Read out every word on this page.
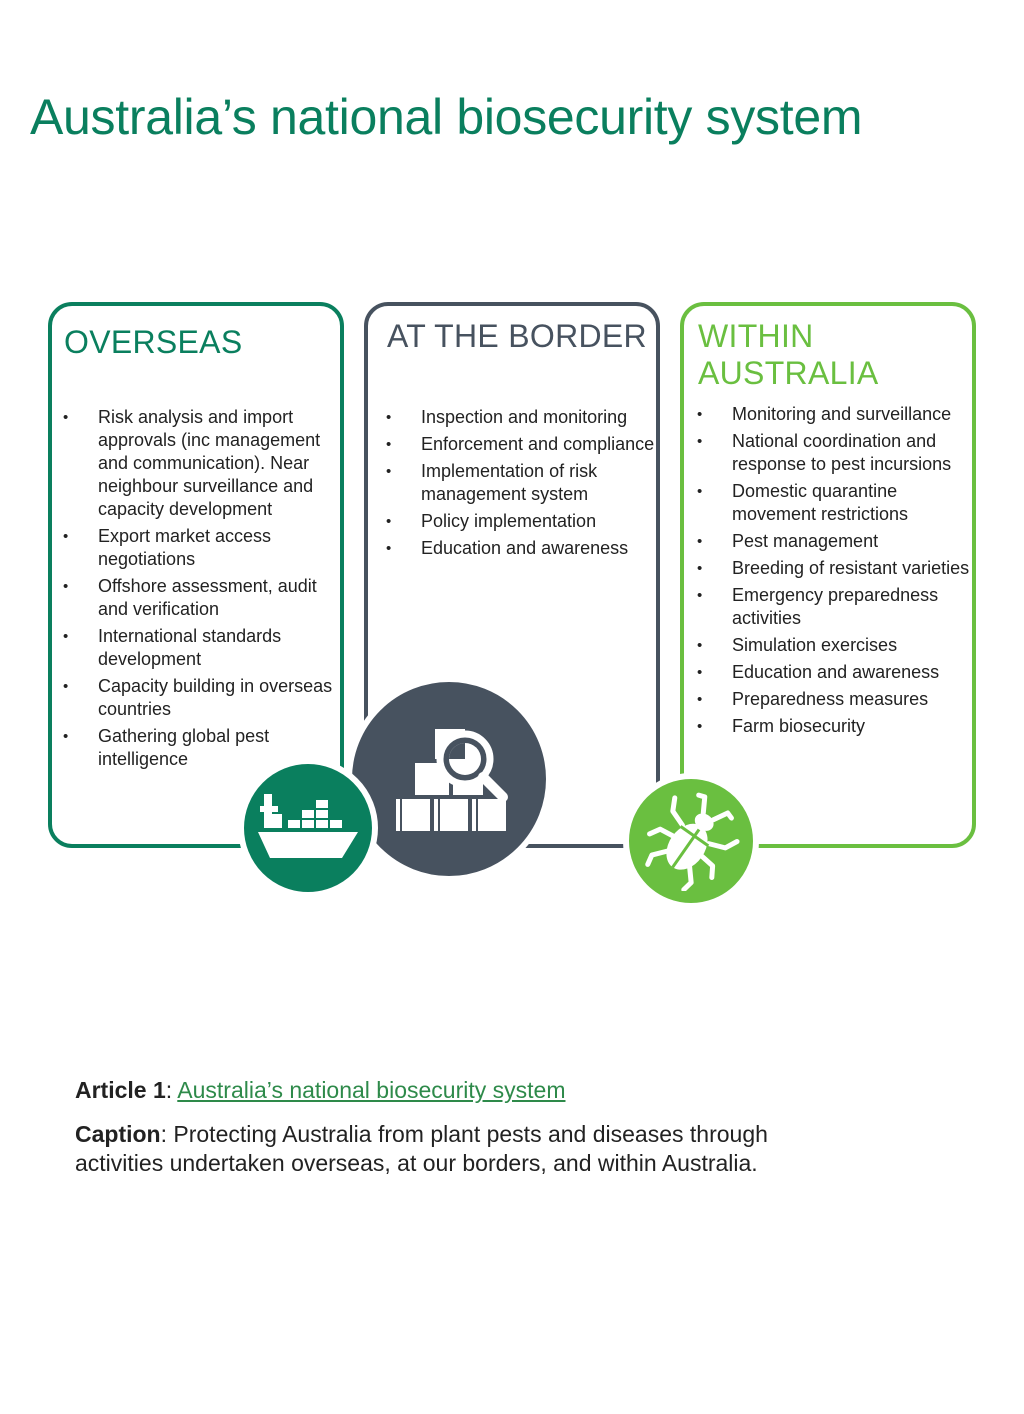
Australia’s national biosecurity system
OVERSEAS
• Risk analysis and import approvals (inc management and communication). Near neighbour surveillance and capacity development
• Export market access negotiations
• Offshore assessment, audit and verification
• International standards development
• Capacity building in overseas countries
• Gathering global pest intelligence
AT THE BORDER
• Inspection and monitoring
• Enforcement and compliance
• Implementation of risk management system
• Policy implementation
• Education and awareness
WITHIN AUSTRALIA
• Monitoring and surveillance
• National coordination and response to pest incursions
• Domestic quarantine movement restrictions
• Pest management
• Breeding of resistant varieties
• Emergency preparedness activities
• Simulation exercises
• Education and awareness
• Preparedness measures
• Farm biosecurity

Article 1: Australia’s national biosecurity system

Caption: Protecting Australia from plant pests and diseases through activities undertaken overseas, at our borders, and within Australia.
